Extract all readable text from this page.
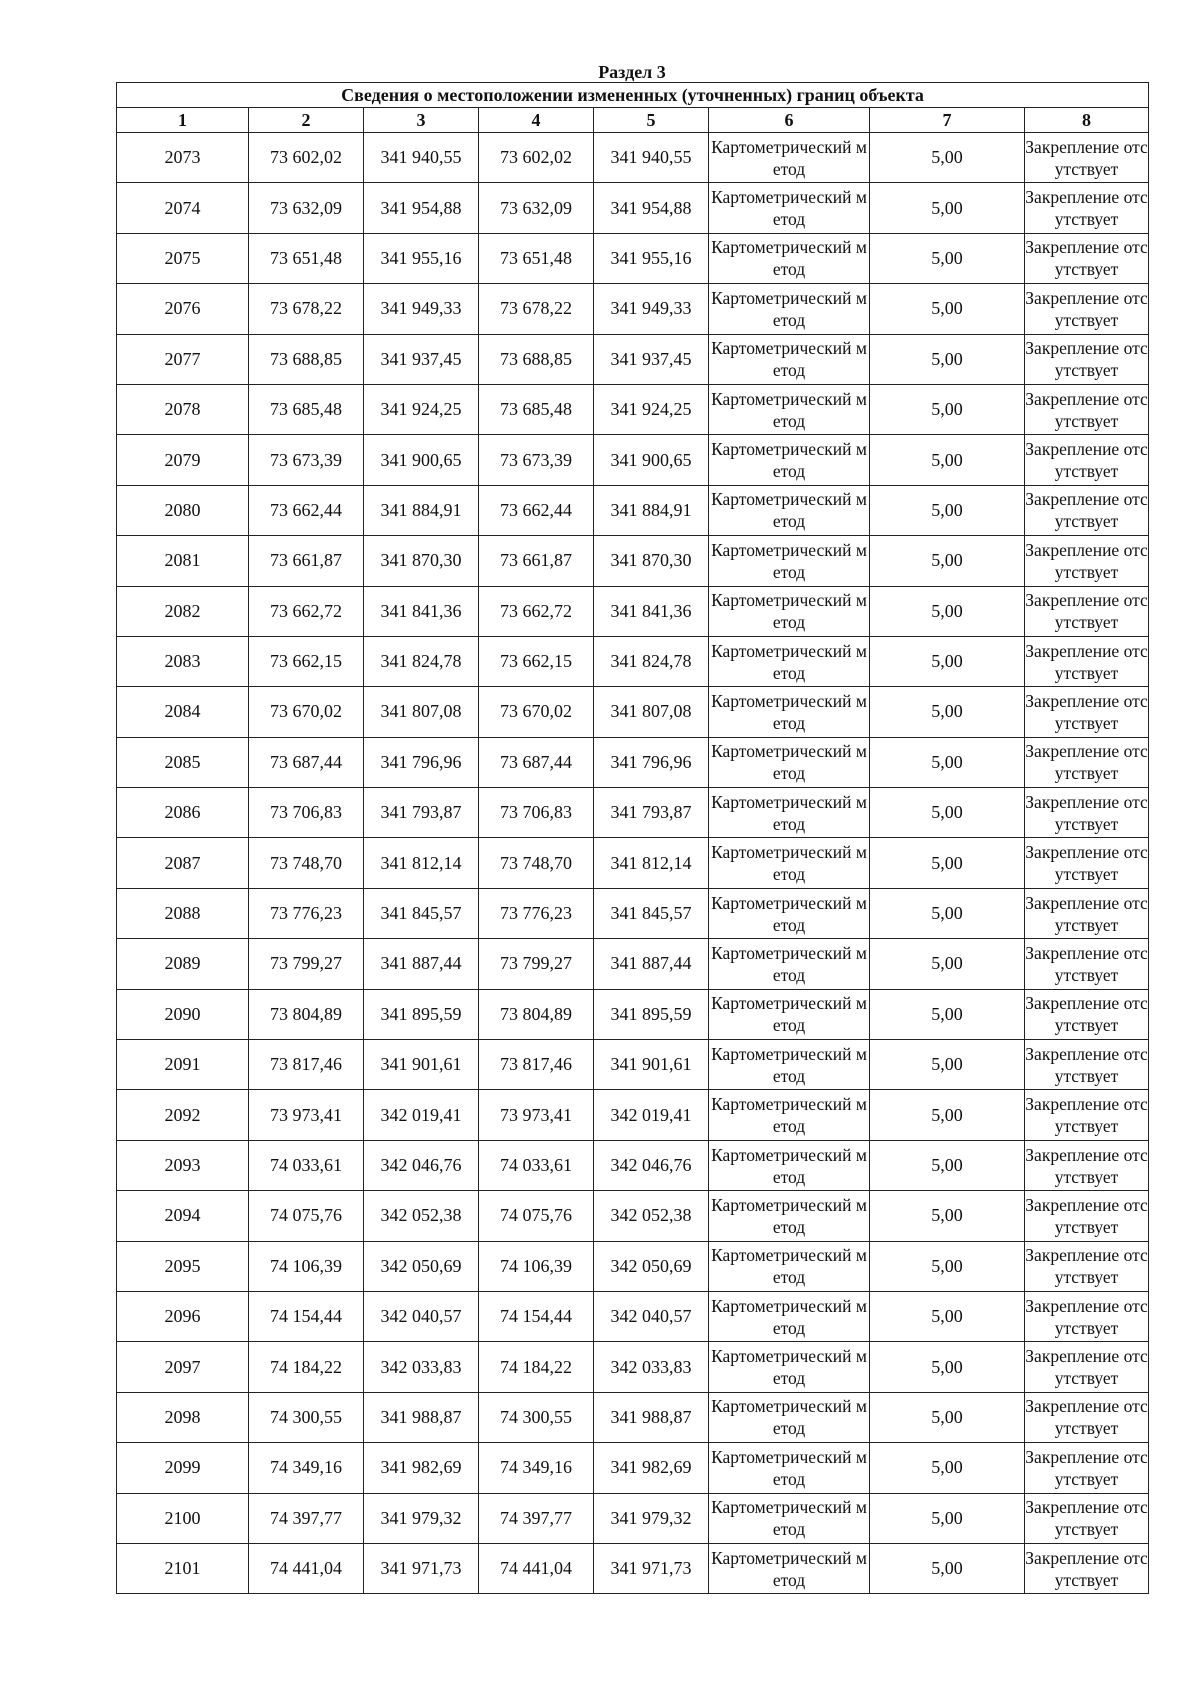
Раздел 3
Сведения о местоположении измененных (уточненных) границ объекта							
1	2	3	4	5	6	7	8
2073	73 602,02	341 940,55	73 602,02	341 940,55	Картометрический метод	5,00	Закрепление отсутствует
2074	73 632,09	341 954,88	73 632,09	341 954,88	Картометрический метод	5,00	Закрепление отсутствует
2075	73 651,48	341 955,16	73 651,48	341 955,16	Картометрический метод	5,00	Закрепление отсутствует
2076	73 678,22	341 949,33	73 678,22	341 949,33	Картометрический метод	5,00	Закрепление отсутствует
2077	73 688,85	341 937,45	73 688,85	341 937,45	Картометрический метод	5,00	Закрепление отсутствует
2078	73 685,48	341 924,25	73 685,48	341 924,25	Картометрический метод	5,00	Закрепление отсутствует
2079	73 673,39	341 900,65	73 673,39	341 900,65	Картометрический метод	5,00	Закрепление отсутствует
2080	73 662,44	341 884,91	73 662,44	341 884,91	Картометрический метод	5,00	Закрепление отсутствует
2081	73 661,87	341 870,30	73 661,87	341 870,30	Картометрический метод	5,00	Закрепление отсутствует
2082	73 662,72	341 841,36	73 662,72	341 841,36	Картометрический метод	5,00	Закрепление отсутствует
2083	73 662,15	341 824,78	73 662,15	341 824,78	Картометрический метод	5,00	Закрепление отсутствует
2084	73 670,02	341 807,08	73 670,02	341 807,08	Картометрический метод	5,00	Закрепление отсутствует
2085	73 687,44	341 796,96	73 687,44	341 796,96	Картометрический метод	5,00	Закрепление отсутствует
2086	73 706,83	341 793,87	73 706,83	341 793,87	Картометрический метод	5,00	Закрепление отсутствует
2087	73 748,70	341 812,14	73 748,70	341 812,14	Картометрический метод	5,00	Закрепление отсутствует
2088	73 776,23	341 845,57	73 776,23	341 845,57	Картометрический метод	5,00	Закрепление отсутствует
2089	73 799,27	341 887,44	73 799,27	341 887,44	Картометрический метод	5,00	Закрепление отсутствует
2090	73 804,89	341 895,59	73 804,89	341 895,59	Картометрический метод	5,00	Закрепление отсутствует
2091	73 817,46	341 901,61	73 817,46	341 901,61	Картометрический метод	5,00	Закрепление отсутствует
2092	73 973,41	342 019,41	73 973,41	342 019,41	Картометрический метод	5,00	Закрепление отсутствует
2093	74 033,61	342 046,76	74 033,61	342 046,76	Картометрический метод	5,00	Закрепление отсутствует
2094	74 075,76	342 052,38	74 075,76	342 052,38	Картометрический метод	5,00	Закрепление отсутствует
2095	74 106,39	342 050,69	74 106,39	342 050,69	Картометрический метод	5,00	Закрепление отсутствует
2096	74 154,44	342 040,57	74 154,44	342 040,57	Картометрический метод	5,00	Закрепление отсутствует
2097	74 184,22	342 033,83	74 184,22	342 033,83	Картометрический метод	5,00	Закрепление отсутствует
2098	74 300,55	341 988,87	74 300,55	341 988,87	Картометрический метод	5,00	Закрепление отсутствует
2099	74 349,16	341 982,69	74 349,16	341 982,69	Картометрический метод	5,00	Закрепление отсутствует
2100	74 397,77	341 979,32	74 397,77	341 979,32	Картометрический метод	5,00	Закрепление отсутствует
2101	74 441,04	341 971,73	74 441,04	341 971,73	Картометрический метод	5,00	Закрепление отсутствует
